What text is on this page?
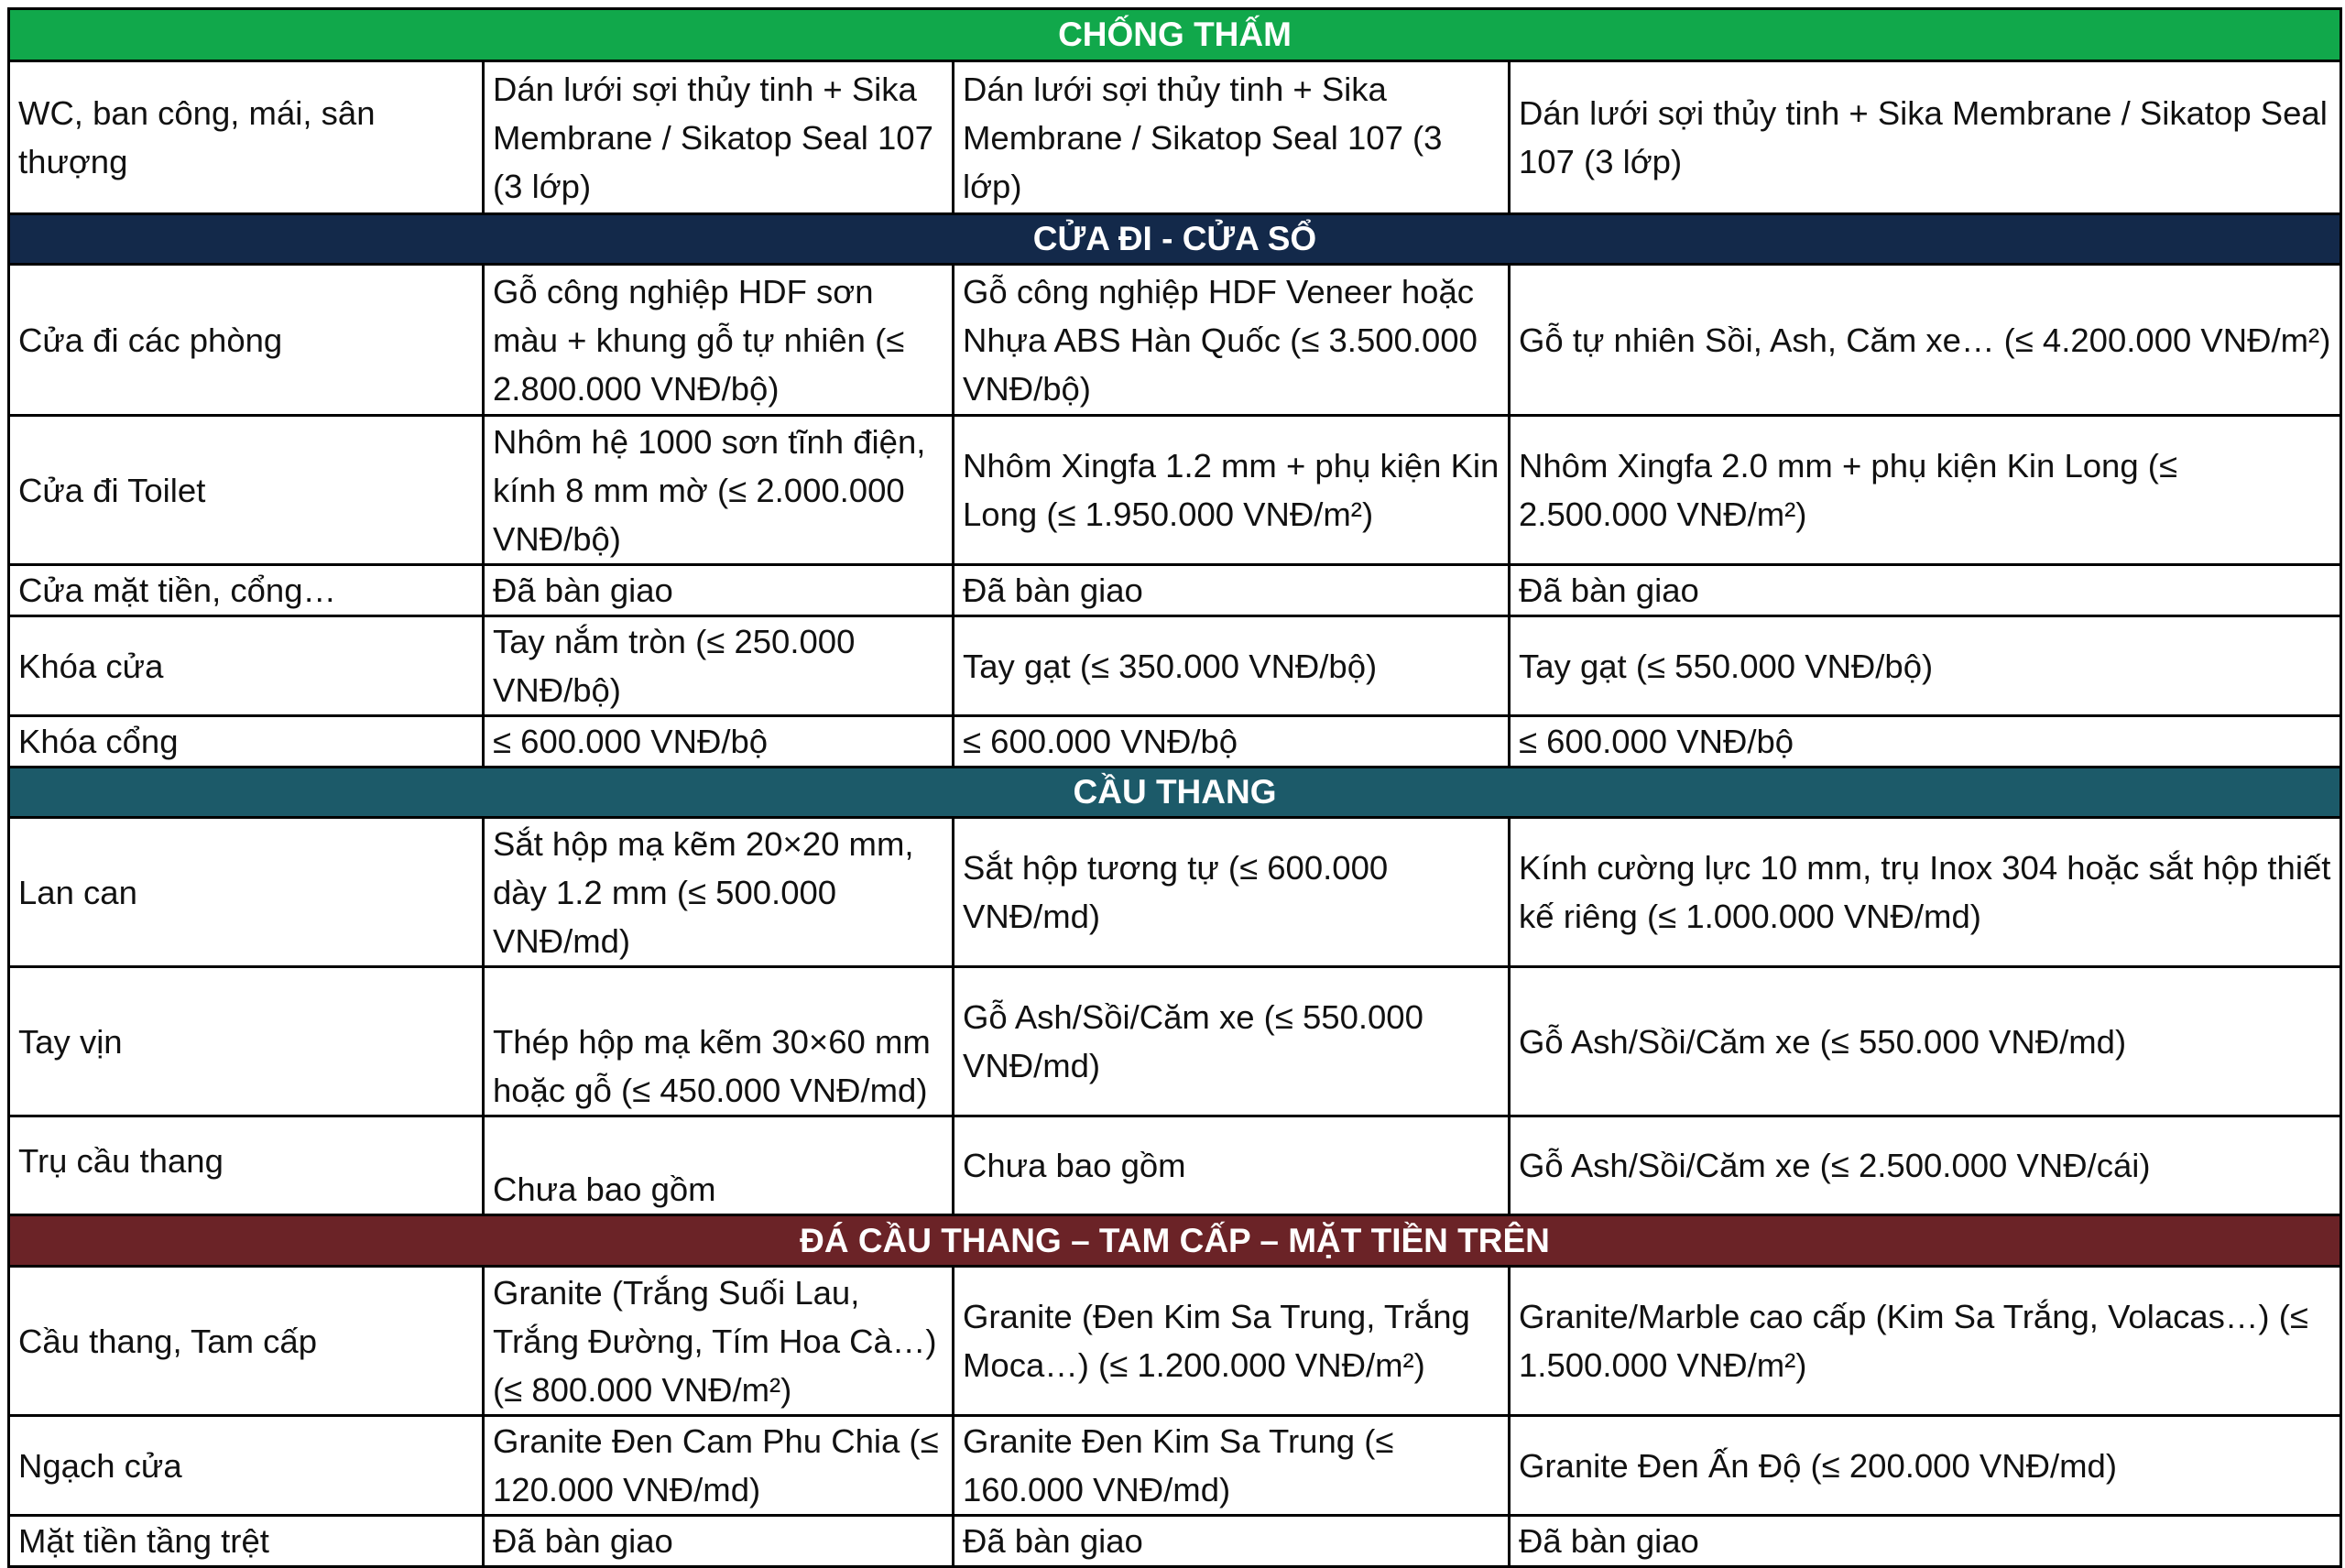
CHỐNG THẤM			
WC, ban công, mái, sân thượng	Dán lưới sợi thủy tinh + Sika Membrane / Sikatop Seal 107 (3 lớp)	Dán lưới sợi thủy tinh + Sika Membrane / Sikatop Seal 107 (3 lớp)	Dán lưới sợi thủy tinh + Sika Membrane / Sikatop Seal 107 (3 lớp)
CỬA ĐI - CỬA SỔ			
Cửa đi các phòng	Gỗ công nghiệp HDF sơn màu + khung gỗ tự nhiên (≤ 2.800.000 VNĐ/bộ)	Gỗ công nghiệp HDF Veneer hoặc Nhựa ABS Hàn Quốc (≤ 3.500.000 VNĐ/bộ)	Gỗ tự nhiên Sồi, Ash, Căm xe… (≤ 4.200.000 VNĐ/m²)
Cửa đi Toilet	Nhôm hệ 1000 sơn tĩnh điện, kính 8 mm mờ (≤ 2.000.000 VNĐ/bộ)	Nhôm Xingfa 1.2 mm + phụ kiện Kin Long (≤ 1.950.000 VNĐ/m²)	Nhôm Xingfa 2.0 mm + phụ kiện Kin Long (≤ 2.500.000 VNĐ/m²)
Cửa mặt tiền, cổng…	Đã bàn giao	Đã bàn giao	Đã bàn giao
Khóa cửa	Tay nắm tròn (≤ 250.000 VNĐ/bộ)	Tay gạt (≤ 350.000 VNĐ/bộ)	Tay gạt (≤ 550.000 VNĐ/bộ)
Khóa cổng	≤ 600.000 VNĐ/bộ	≤ 600.000 VNĐ/bộ	≤ 600.000 VNĐ/bộ
CẦU THANG			
Lan can	Sắt hộp mạ kẽm 20×20 mm, dày 1.2 mm (≤ 500.000 VNĐ/md)	Sắt hộp tương tự (≤ 600.000 VNĐ/md)	Kính cường lực 10 mm, trụ Inox 304 hoặc sắt hộp thiết kế riêng (≤ 1.000.000 VNĐ/md)
Tay vịn	Thép hộp mạ kẽm 30×60 mm hoặc gỗ (≤ 450.000 VNĐ/md)	Gỗ Ash/Sồi/Căm xe (≤ 550.000 VNĐ/md)	Gỗ Ash/Sồi/Căm xe (≤ 550.000 VNĐ/md)
Trụ cầu thang	Chưa bao gồm	Chưa bao gồm	Gỗ Ash/Sồi/Căm xe (≤ 2.500.000 VNĐ/cái)
ĐÁ CẦU THANG – TAM CẤP – MẶT TIỀN TRÊN			
Cầu thang, Tam cấp	Granite (Trắng Suối Lau, Trắng Đường, Tím Hoa Cà…) (≤ 800.000 VNĐ/m²)	Granite (Đen Kim Sa Trung, Trắng Moca…) (≤ 1.200.000 VNĐ/m²)	Granite/Marble cao cấp (Kim Sa Trắng, Volacas…) (≤ 1.500.000 VNĐ/m²)
Ngạch cửa	Granite Đen Cam Phu Chia (≤ 120.000 VNĐ/md)	Granite Đen Kim Sa Trung (≤ 160.000 VNĐ/md)	Granite Đen Ấn Độ (≤ 200.000 VNĐ/md)
Mặt tiền tầng trệt	Đã bàn giao	Đã bàn giao	Đã bàn giao
